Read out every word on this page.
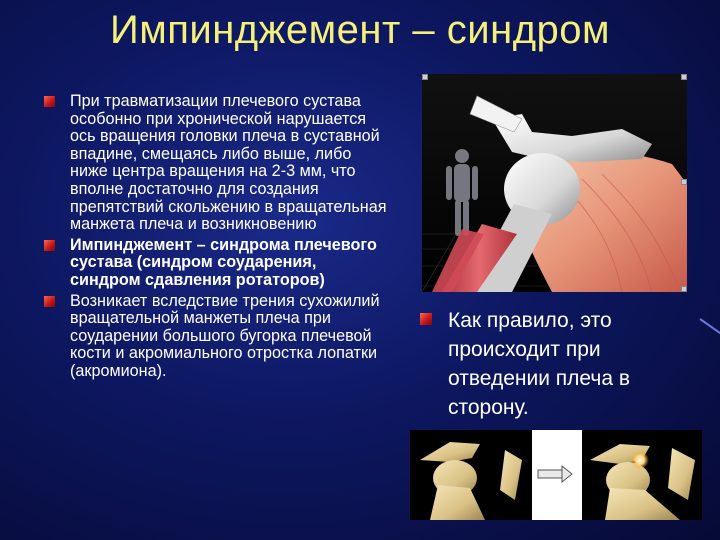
Импинджемент – синдром
При травматизации плечевого сустава особонно при хронической нарушается ось вращения головки плеча в суставной впадине, смещаясь либо выше, либо ниже центра вращения на 2-3 мм, что вполне достаточно для создания препятствий скольжению в вращательная манжета плеча и возникновению
Импинджемент – синдрома плечевого сустава (синдром соударения, синдром сдавления ротаторов)
Возникает вследствие трения сухожилий вращательной манжеты плеча при соударении большого бугорка плечевой кости и акромиального отростка лопатки (акромиона).
Как правило, это происходит при отведении плеча в сторону.
